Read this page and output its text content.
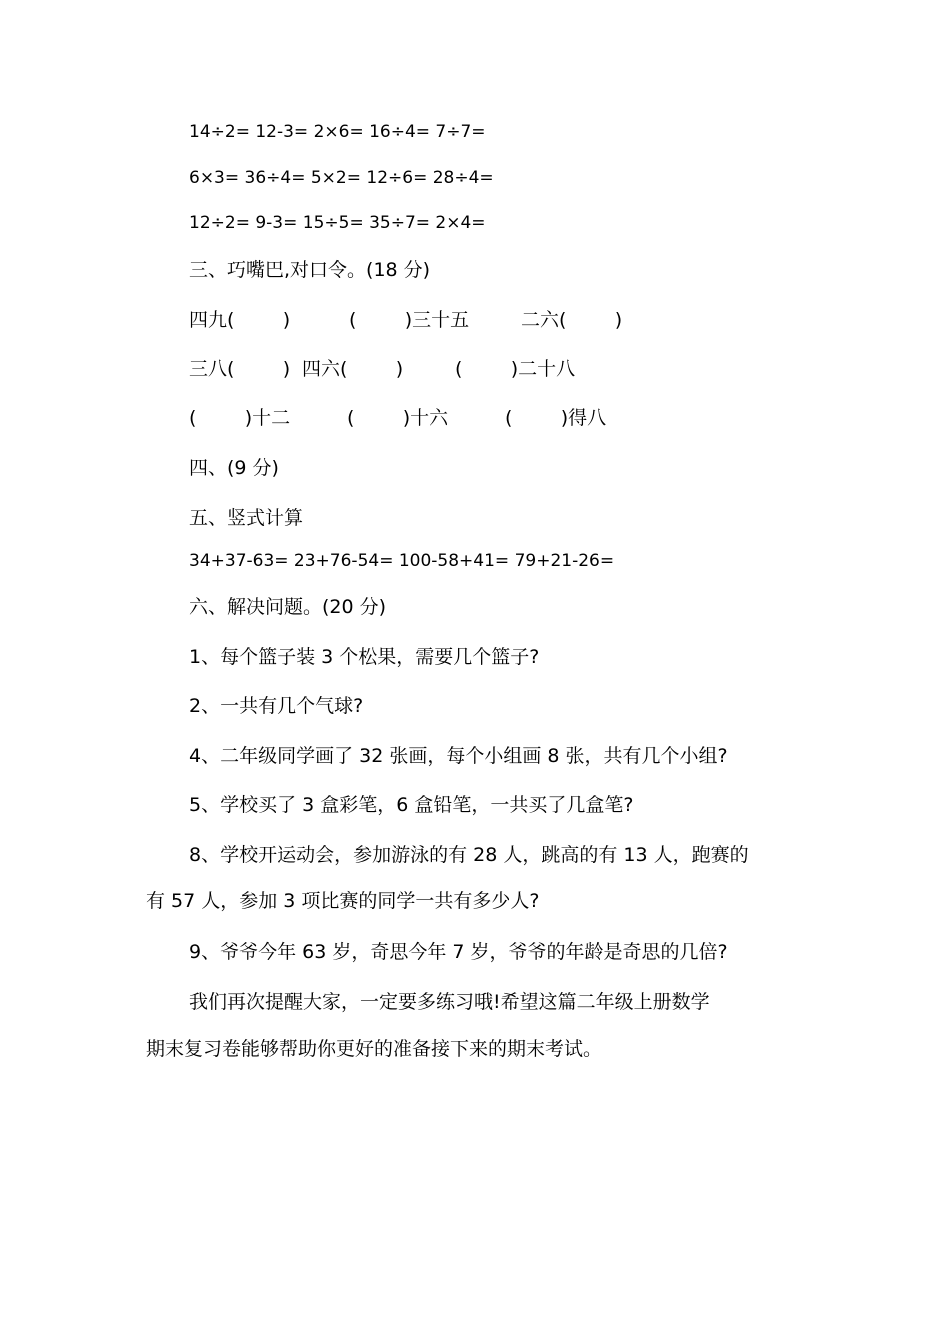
14÷2= 12-3= 2×6= 16÷4= 7÷7=
6×3= 36÷4= 5×2= 12÷6= 28÷4=
12÷2= 9-3= 15÷5= 35÷7= 2×4=
三、巧嘴巴,对口令。(18 分)
四九(        )	(        )三十五	二六(        )
三八(        ) 四六(        )	(        )二十八
(        )十二	(        )十六	(        )得八
四、(9 分)
五、竖式计算
34+37-63= 23+76-54= 100-58+41= 79+21-26=
六、解决问题。(20 分)
1、每个篮子装 3 个松果，需要几个篮子?
2、一共有几个气球?
4、二年级同学画了 32 张画，每个小组画 8 张，共有几个小组?
5、学校买了 3 盒彩笔，6 盒铅笔，一共买了几盒笔?
8、学校开运动会，参加游泳的有 28 人，跳高的有 13 人，跑赛的
有 57 人，参加 3 项比赛的同学一共有多少人?
9、爷爷今年 63 岁，奇思今年 7 岁，爷爷的年龄是奇思的几倍?
我们再次提醒大家，一定要多练习哦!希望这篇二年级上册数学
期末复习卷能够帮助你更好的准备接下来的期末考试。
